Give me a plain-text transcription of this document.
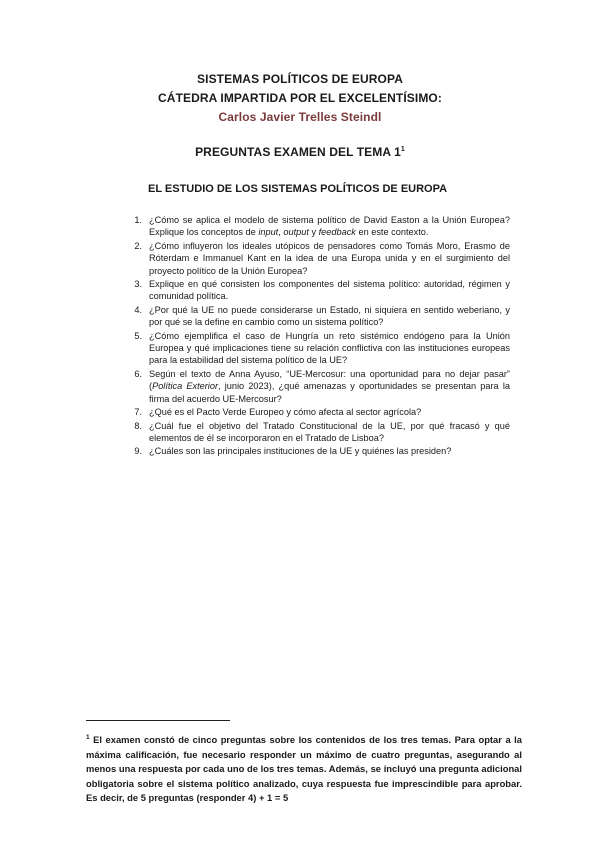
SISTEMAS POLÍTICOS DE EUROPA
CÁTEDRA IMPARTIDA POR EL EXCELENTÍSIMO:
Carlos Javier Trelles Steindl
PREGUNTAS EXAMEN DEL TEMA $1^1$
EL ESTUDIO DE LOS SISTEMAS POLÍTICOS DE EUROPA
1. ¿Cómo se aplica el modelo de sistema político de David Easton a la Unión Europea? Explique los conceptos de input, output y feedback en este contexto.
2. ¿Cómo influyeron los ideales utópicos de pensadores como Tomás Moro, Erasmo de Róterdam e Immanuel Kant en la idea de una Europa unida y en el surgimiento del proyecto político de la Unión Europea?
3. Explique en qué consisten los componentes del sistema político: autoridad, régimen y comunidad política.
4. ¿Por qué la UE no puede considerarse un Estado, ni siquiera en sentido weberiano, y por qué se la define en cambio como un sistema político?
5. ¿Cómo ejemplifica el caso de Hungría un reto sistémico endógeno para la Unión Europea y qué implicaciones tiene su relación conflictiva con las instituciones europeas para la estabilidad del sistema político de la UE?
6. Según el texto de Anna Ayuso, “UE-Mercosur: una oportunidad para no dejar pasar” (Política Exterior, junio 2023), ¿qué amenazas y oportunidades se presentan para la firma del acuerdo UE-Mercosur?
7. ¿Qué es el Pacto Verde Europeo y cómo afecta al sector agrícola?
8. ¿Cuál fue el objetivo del Tratado Constitucional de la UE, por qué fracasó y qué elementos de él se incorporaron en el Tratado de Lisboa?
9. ¿Cuáles son las principales instituciones de la UE y quiénes las presiden?
$^1$ El examen constó de cinco preguntas sobre los contenidos de los tres temas. Para optar a la máxima calificación, fue necesario responder un máximo de cuatro preguntas, asegurando al menos una respuesta por cada uno de los tres temas. Además, se incluyó una pregunta adicional obligatoria sobre el sistema político analizado, cuya respuesta fue imprescindible para aprobar. Es decir, de 5 preguntas (responder 4) + 1 = 5
